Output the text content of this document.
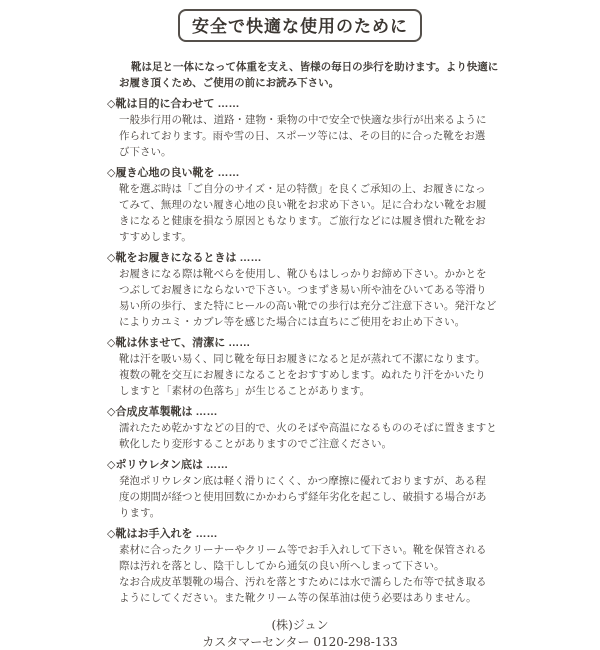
安全で快適な使用のために
靴は足と一体になって体重を支え、皆様の毎日の歩行を助けます。より快適に
お履き頂くため、ご使用の前にお読み下さい。
◇靴は目的に合わせて ……
一般歩行用の靴は、道路・建物・乗物の中で安全で快適な歩行が出来るように
作られております。雨や雪の日、スポーツ等には、その目的に合った靴をお選
び下さい。
◇履き心地の良い靴を ……
靴を選ぶ時は「ご自分のサイズ・足の特徴」を良くご承知の上、お履きになっ
てみて、無理のない履き心地の良い靴をお求め下さい。足に合わない靴をお履
きになると健康を損なう原因ともなります。ご旅行などには履き慣れた靴をお
すすめします。
◇靴をお履きになるときは ……
お履きになる際は靴べらを使用し、靴ひもはしっかりお締め下さい。かかとを
つぶしてお履きにならないで下さい。つまずき易い所や油をひいてある等滑り
易い所の歩行、また特にヒールの高い靴での歩行は充分ご注意下さい。発汗など
によりカユミ・カブレ等を感じた場合には直ちにご使用をお止め下さい。
◇靴は休ませて、清潔に ……
靴は汗を吸い易く、同じ靴を毎日お履きになると足が蒸れて不潔になります。
複数の靴を交互にお履きになることをおすすめします。ぬれたり汗をかいたり
しますと「素材の色落ち」が生じることがあります。
◇合成皮革製靴は ……
濡れたため乾かすなどの目的で、火のそばや高温になるもののそばに置きますと
軟化したり変形することがありますのでご注意ください。
◇ポリウレタン底は ……
発泡ポリウレタン底は軽く滑りにくく、かつ摩擦に優れておりますが、ある程
度の期間が経つと使用回数にかかわらず経年劣化を起こし、破損する場合があ
ります。
◇靴はお手入れを ……
素材に合ったクリーナーやクリーム等でお手入れして下さい。靴を保管される
際は汚れを落とし、陰干ししてから通気の良い所へしまって下さい。
なお合成皮革製靴の場合、汚れを落とすためには水で濡らした布等で拭き取る
ようにしてください。また靴クリーム等の保革油は使う必要はありません。
(株)ジュン
カスタマーセンター 0120-298-133
